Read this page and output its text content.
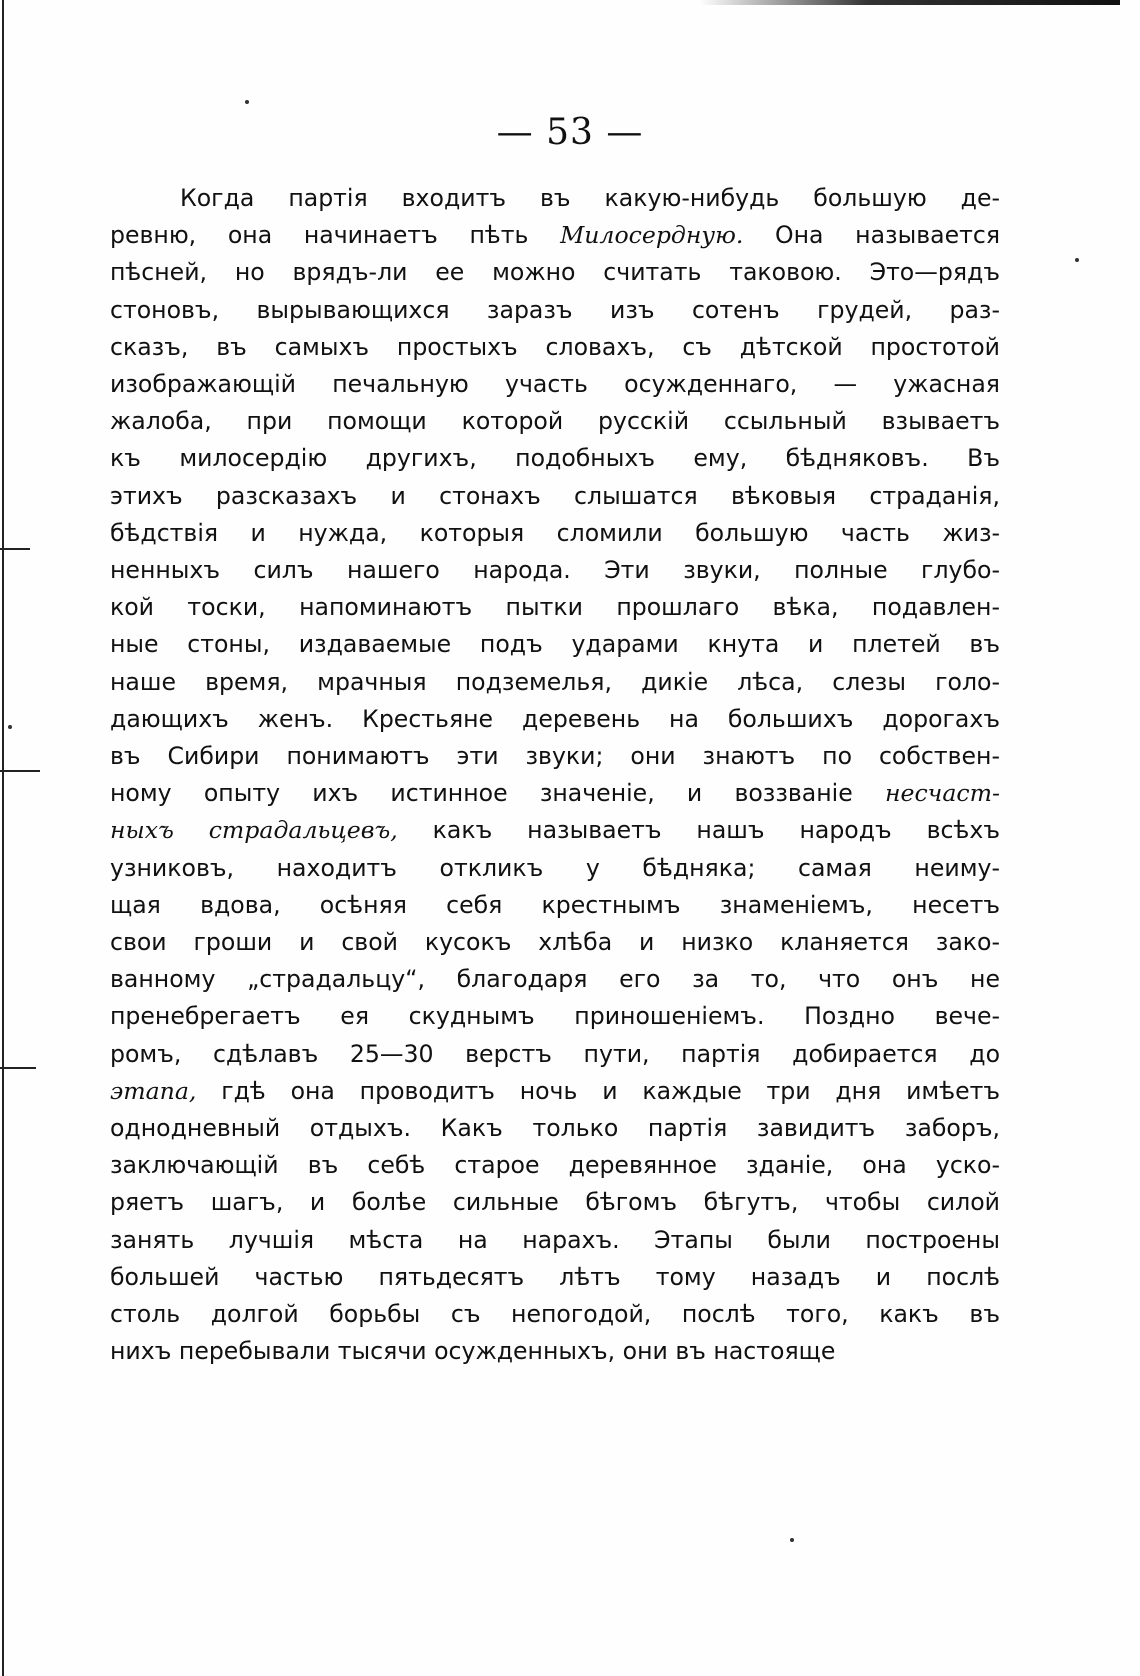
— 53 —
Когда партія входитъ въ какую-нибудь большую де-
ревню, она начинаетъ пѣть Милосердную. Она называется
пѣсней, но врядъ-ли ее можно считать таковою. Это—рядъ
стоновъ, вырывающихся заразъ изъ сотенъ грудей, раз-
сказъ, въ самыхъ простыхъ словахъ, съ дѣтской простотой
изображающій печальную участь осужденнаго, — ужасная
жалоба, при помощи которой русскій ссыльный взываетъ
къ милосердію другихъ, подобныхъ ему, бѣдняковъ. Въ
этихъ разсказахъ и стонахъ слышатся вѣковыя страданія,
бѣдствія и нужда, которыя сломили большую часть жиз-
ненныхъ силъ нашего народа. Эти звуки, полные глубо-
кой тоски, напоминаютъ пытки прошлаго вѣка, подавлен-
ные стоны, издаваемые подъ ударами кнута и плетей въ
наше время, мрачныя подземелья, дикіе лѣса, слезы голо-
дающихъ женъ. Крестьяне деревень на большихъ дорогахъ
въ Сибири понимаютъ эти звуки; они знаютъ по собствен-
ному опыту ихъ истинное значеніе, и воззваніе несчаст-
ныхъ страдальцевъ, какъ называетъ нашъ народъ всѣхъ
узниковъ, находитъ откликъ у бѣдняка; самая неиму-
щая вдова, осѣняя себя крестнымъ знаменіемъ, несетъ
свои гроши и свой кусокъ хлѣба и низко кланяется зако-
ванному „страдальцу“, благодаря его за то, что онъ не
пренебрегаетъ ея скуднымъ приношеніемъ. Поздно вече-
ромъ, сдѣлавъ 25—30 верстъ пути, партія добирается до
этапа, гдѣ она проводитъ ночь и каждые три дня имѣетъ
однодневный отдыхъ. Какъ только партія завидитъ заборъ,
заключающій въ себѣ старое деревянное зданіе, она уско-
ряетъ шагъ, и болѣе сильные бѣгомъ бѣгутъ, чтобы силой
занять лучшія мѣста на нарахъ. Этапы были построены
большей частью пятьдесятъ лѣтъ тому назадъ и послѣ
столь долгой борьбы съ непогодой, послѣ того, какъ въ
нихъ перебывали тысячи осужденныхъ, они въ настояще
